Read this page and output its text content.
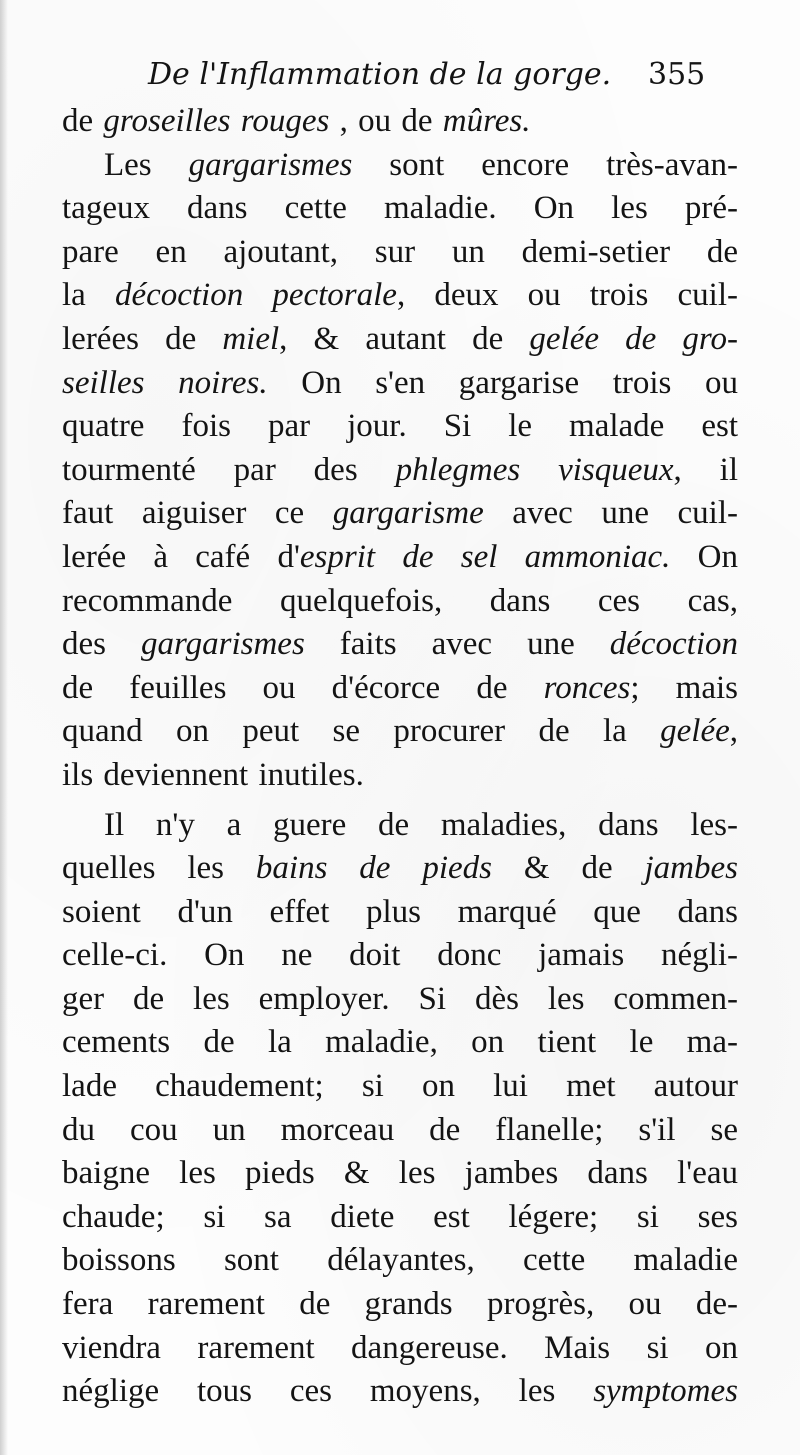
De l'Inflammation de la gorge. 355
de groseilles rouges , ou de mûres.
Les gargarismes sont encore très-avan-
tageux dans cette maladie. On les pré-
pare en ajoutant, sur un demi-setier de
la décoction pectorale, deux ou trois cuil-
lerées de miel, & autant de gelée de gro-
seilles noires. On s'en gargarise trois ou
quatre fois par jour. Si le malade est
tourmenté par des phlegmes visqueux, il
faut aiguiser ce gargarisme avec une cuil-
lerée à café d'esprit de sel ammoniac. On
recommande quelquefois, dans ces cas,
des gargarismes faits avec une décoction
de feuilles ou d'écorce de ronces; mais
quand on peut se procurer de la gelée,
ils deviennent inutiles.
Il n'y a guere de maladies, dans les-
quelles les bains de pieds & de jambes
soient d'un effet plus marqué que dans
celle-ci. On ne doit donc jamais négli-
ger de les employer. Si dès les commen-
cements de la maladie, on tient le ma-
lade chaudement; si on lui met autour
du cou un morceau de flanelle; s'il se
baigne les pieds & les jambes dans l'eau
chaude; si sa diete est légere; si ses
boissons sont délayantes, cette maladie
fera rarement de grands progrès, ou de-
viendra rarement dangereuse. Mais si on
néglige tous ces moyens, les symptomes
